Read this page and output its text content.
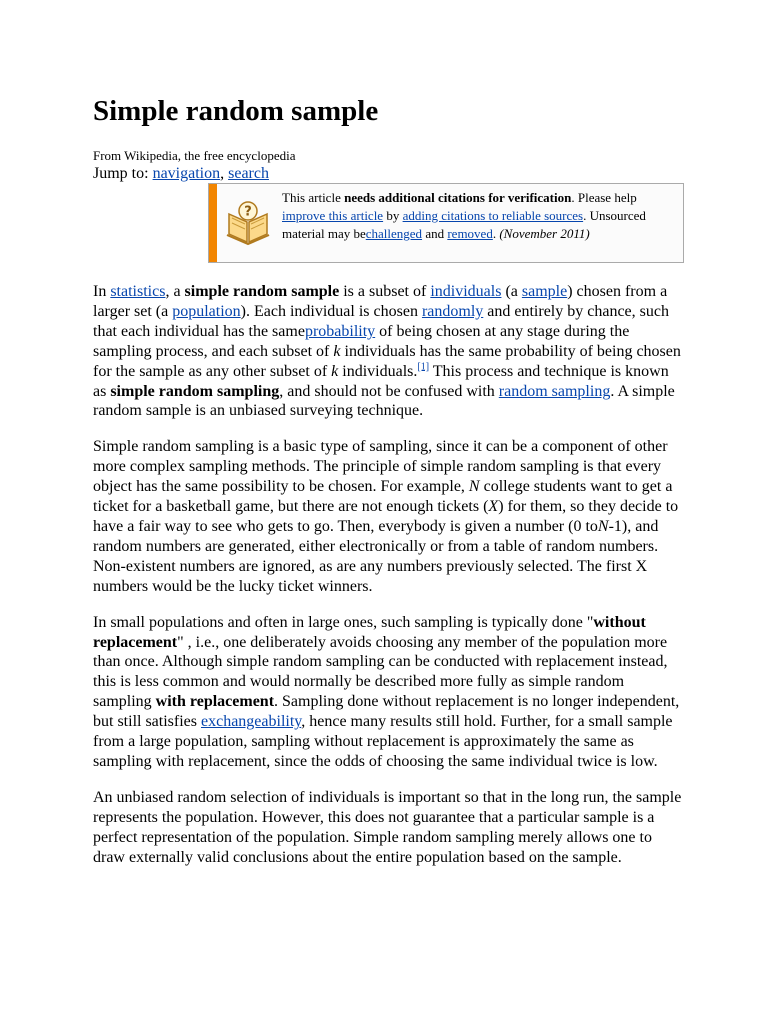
Simple random sample
From Wikipedia, the free encyclopedia
Jump to: navigation, search
?
This article needs additional citations for verification. Please help improve this article by adding citations to reliable sources. Unsourced material may bechallenged and removed. (November 2011)

In statistics, a simple random sample is a subset of individuals (a sample) chosen from a larger set (a population). Each individual is chosen randomly and entirely by chance, such that each individual has the sameprobability of being chosen at any stage during the sampling process, and each subset of k individuals has the same probability of being chosen for the sample as any other subset of k individuals.[1] This process and technique is known as simple random sampling, and should not be confused with random sampling. A simple random sample is an unbiased surveying technique.

Simple random sampling is a basic type of sampling, since it can be a component of other more complex sampling methods. The principle of simple random sampling is that every object has the same possibility to be chosen. For example, N college students want to get a ticket for a basketball game, but there are not enough tickets (X) for them, so they decide to have a fair way to see who gets to go. Then, everybody is given a number (0 toN-1), and random numbers are generated, either electronically or from a table of random numbers. Non-existent numbers are ignored, as are any numbers previously selected. The first X numbers would be the lucky ticket winners.

In small populations and often in large ones, such sampling is typically done "without replacement" , i.e., one deliberately avoids choosing any member of the population more than once. Although simple random sampling can be conducted with replacement instead, this is less common and would normally be described more fully as simple random sampling with replacement. Sampling done without replacement is no longer independent, but still satisfies exchangeability, hence many results still hold. Further, for a small sample from a large population, sampling without replacement is approximately the same as sampling with replacement, since the odds of choosing the same individual twice is low.

An unbiased random selection of individuals is important so that in the long run, the sample represents the population. However, this does not guarantee that a particular sample is a perfect representation of the population. Simple random sampling merely allows one to draw externally valid conclusions about the entire population based on the sample.
